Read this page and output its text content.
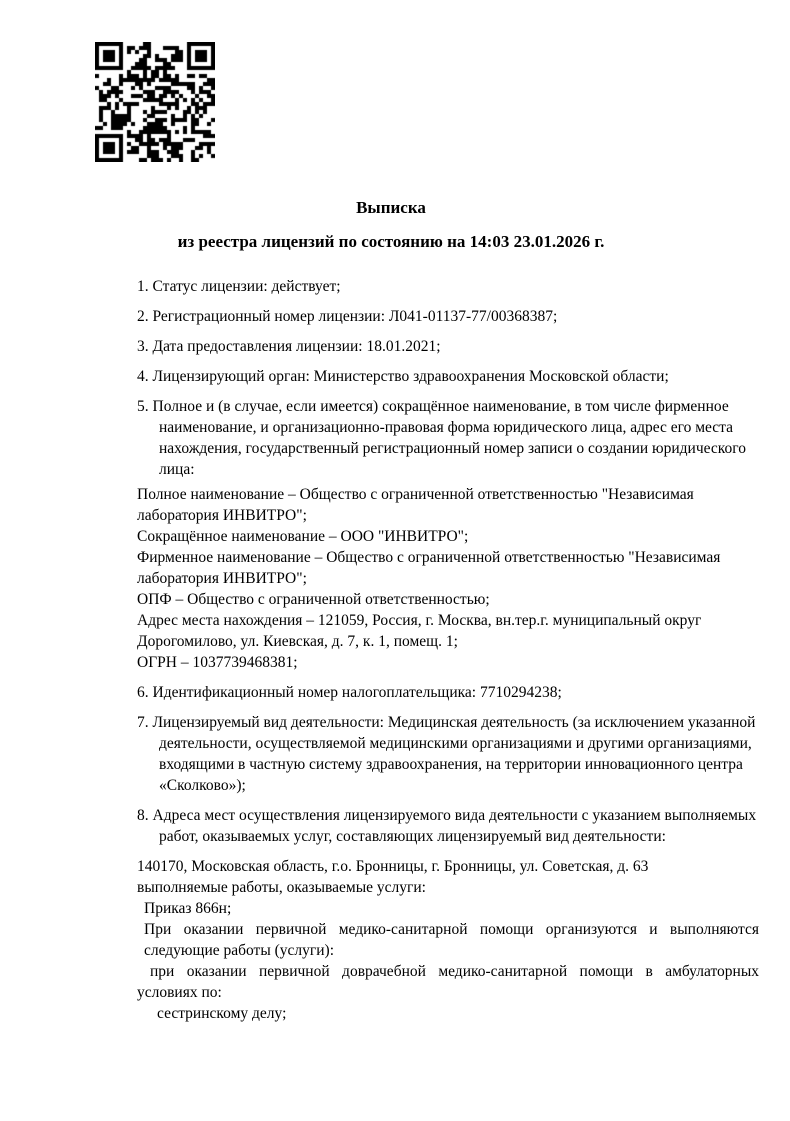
Выписка
из реестра лицензий по состоянию на 14:03 23.01.2026 г.

1. Статус лицензии: действует;

2. Регистрационный номер лицензии: Л041-01137-77/00368387;

3. Дата предоставления лицензии: 18.01.2021;

4. Лицензирующий орган: Министерство здравоохранения Московской области;

5. Полное и (в случае, если имеется) сокращённое наименование, в том числе фирменное наименование, и организационно-правовая форма юридического лица, адрес его места нахождения, государственный регистрационный номер записи о создании юридического лица:

Полное наименование – Общество с ограниченной ответственностью "Независимая лаборатория ИНВИТРО";
Сокращённое наименование – ООО "ИНВИТРО";
Фирменное наименование – Общество с ограниченной ответственностью "Независимая лаборатория ИНВИТРО";
ОПФ – Общество с ограниченной ответственностью;
Адрес места нахождения – 121059, Россия, г. Москва, вн.тер.г. муниципальный округ Дорогомилово, ул. Киевская, д. 7, к. 1, помещ. 1;
ОГРН – 1037739468381;

6. Идентификационный номер налогоплательщика: 7710294238;

7. Лицензируемый вид деятельности: Медицинская деятельность (за исключением указанной деятельности, осуществляемой медицинскими организациями и другими организациями, входящими в частную систему здравоохранения, на территории инновационного центра «Сколково»);

8. Адреса мест осуществления лицензируемого вида деятельности с указанием выполняемых работ, оказываемых услуг, составляющих лицензируемый вид деятельности:

140170, Московская область, г.о. Бронницы, г. Бронницы, ул. Советская, д. 63
выполняемые работы, оказываемые услуги:
Приказ 866н;
При оказании первичной медико-санитарной помощи организуются и выполняются
следующие работы (услуги):
при оказании первичной доврачебной медико-санитарной помощи в амбулаторных
условиях по:
сестринскому делу;
